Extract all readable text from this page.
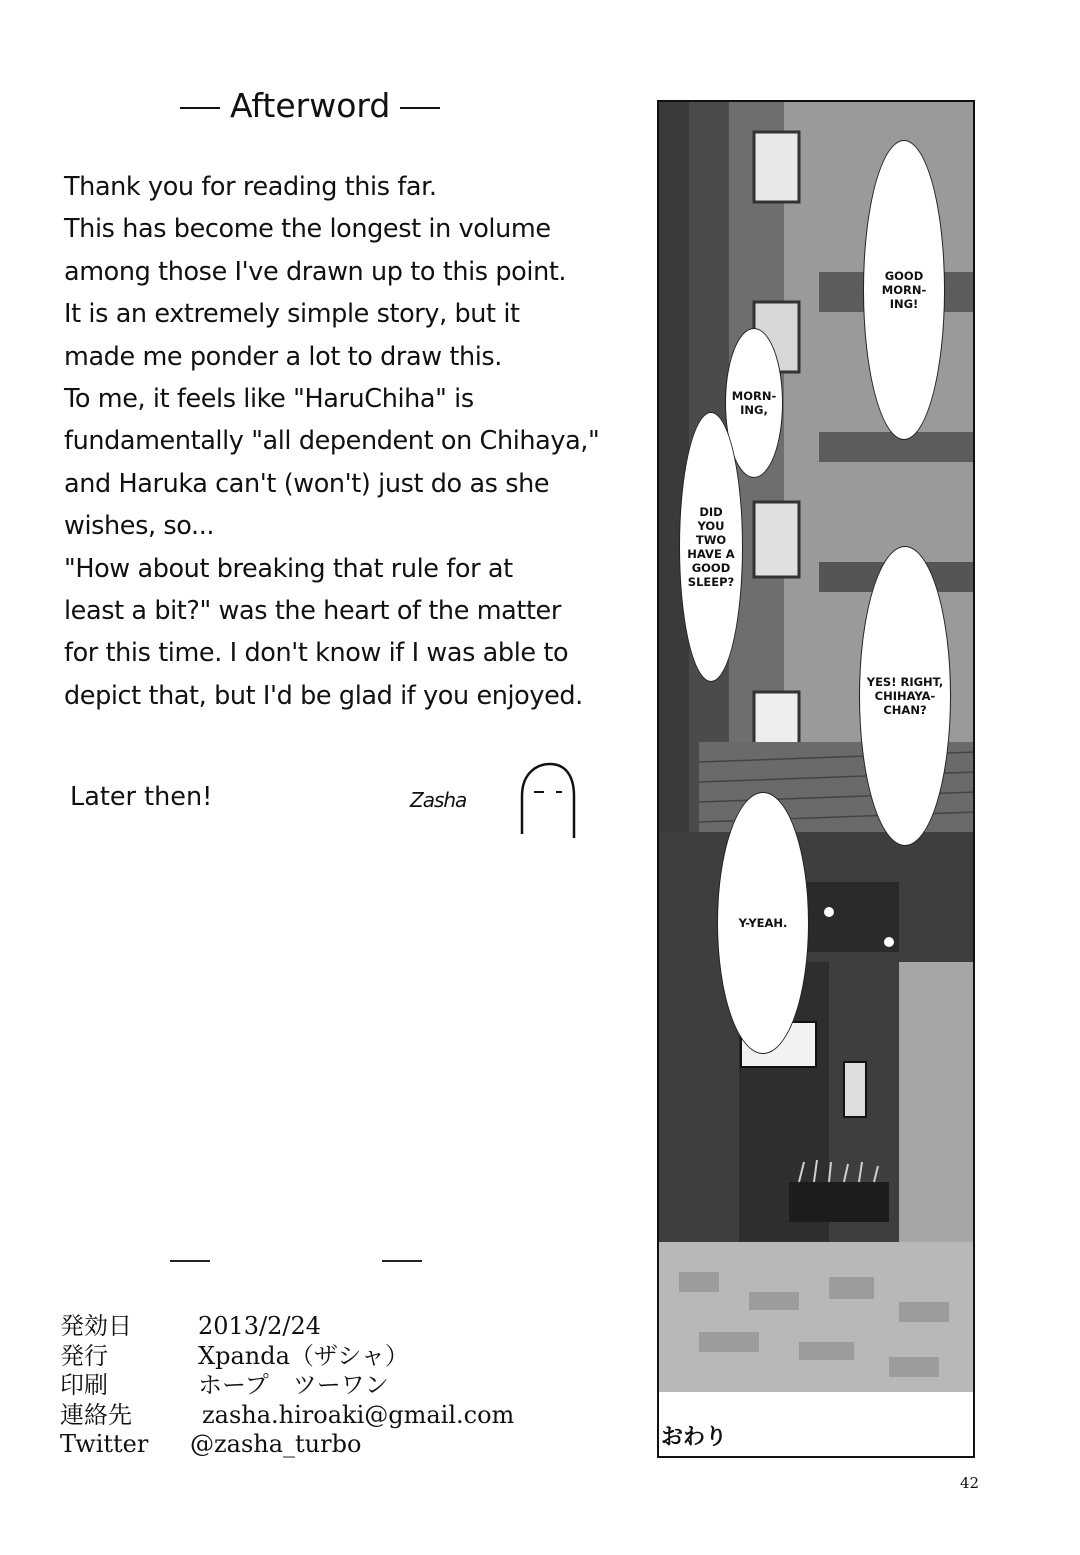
Afterword
Thank you for reading this far.
This has become the longest in volume
among those I've drawn up to this point.
It is an extremely simple story, but it
made me ponder a lot to draw this.
To me, it feels like "HaruChiha" is
fundamentally "all dependent on Chihaya,"
and Haruka can't (won't) just do as she
wishes, so...
"How about breaking that rule for at
least a bit?" was the heart of the matter
for this time. I don't know if I was able to
depict that, but I'd be glad if you enjoyed.
Later then!	Zasha
発効日	2013/2/24
発行	Xpanda（ザシャ）
印刷	ホープ　ツーワン
連絡先	zasha.hiroaki@gmail.com
Twitter	@zasha_turbo
GOOD MORN- ING!
MORN- ING,
DID YOU TWO HAVE A GOOD SLEEP?
YES! RIGHT, CHIHAYA- CHAN?
Y-YEAH.
おわり
42
